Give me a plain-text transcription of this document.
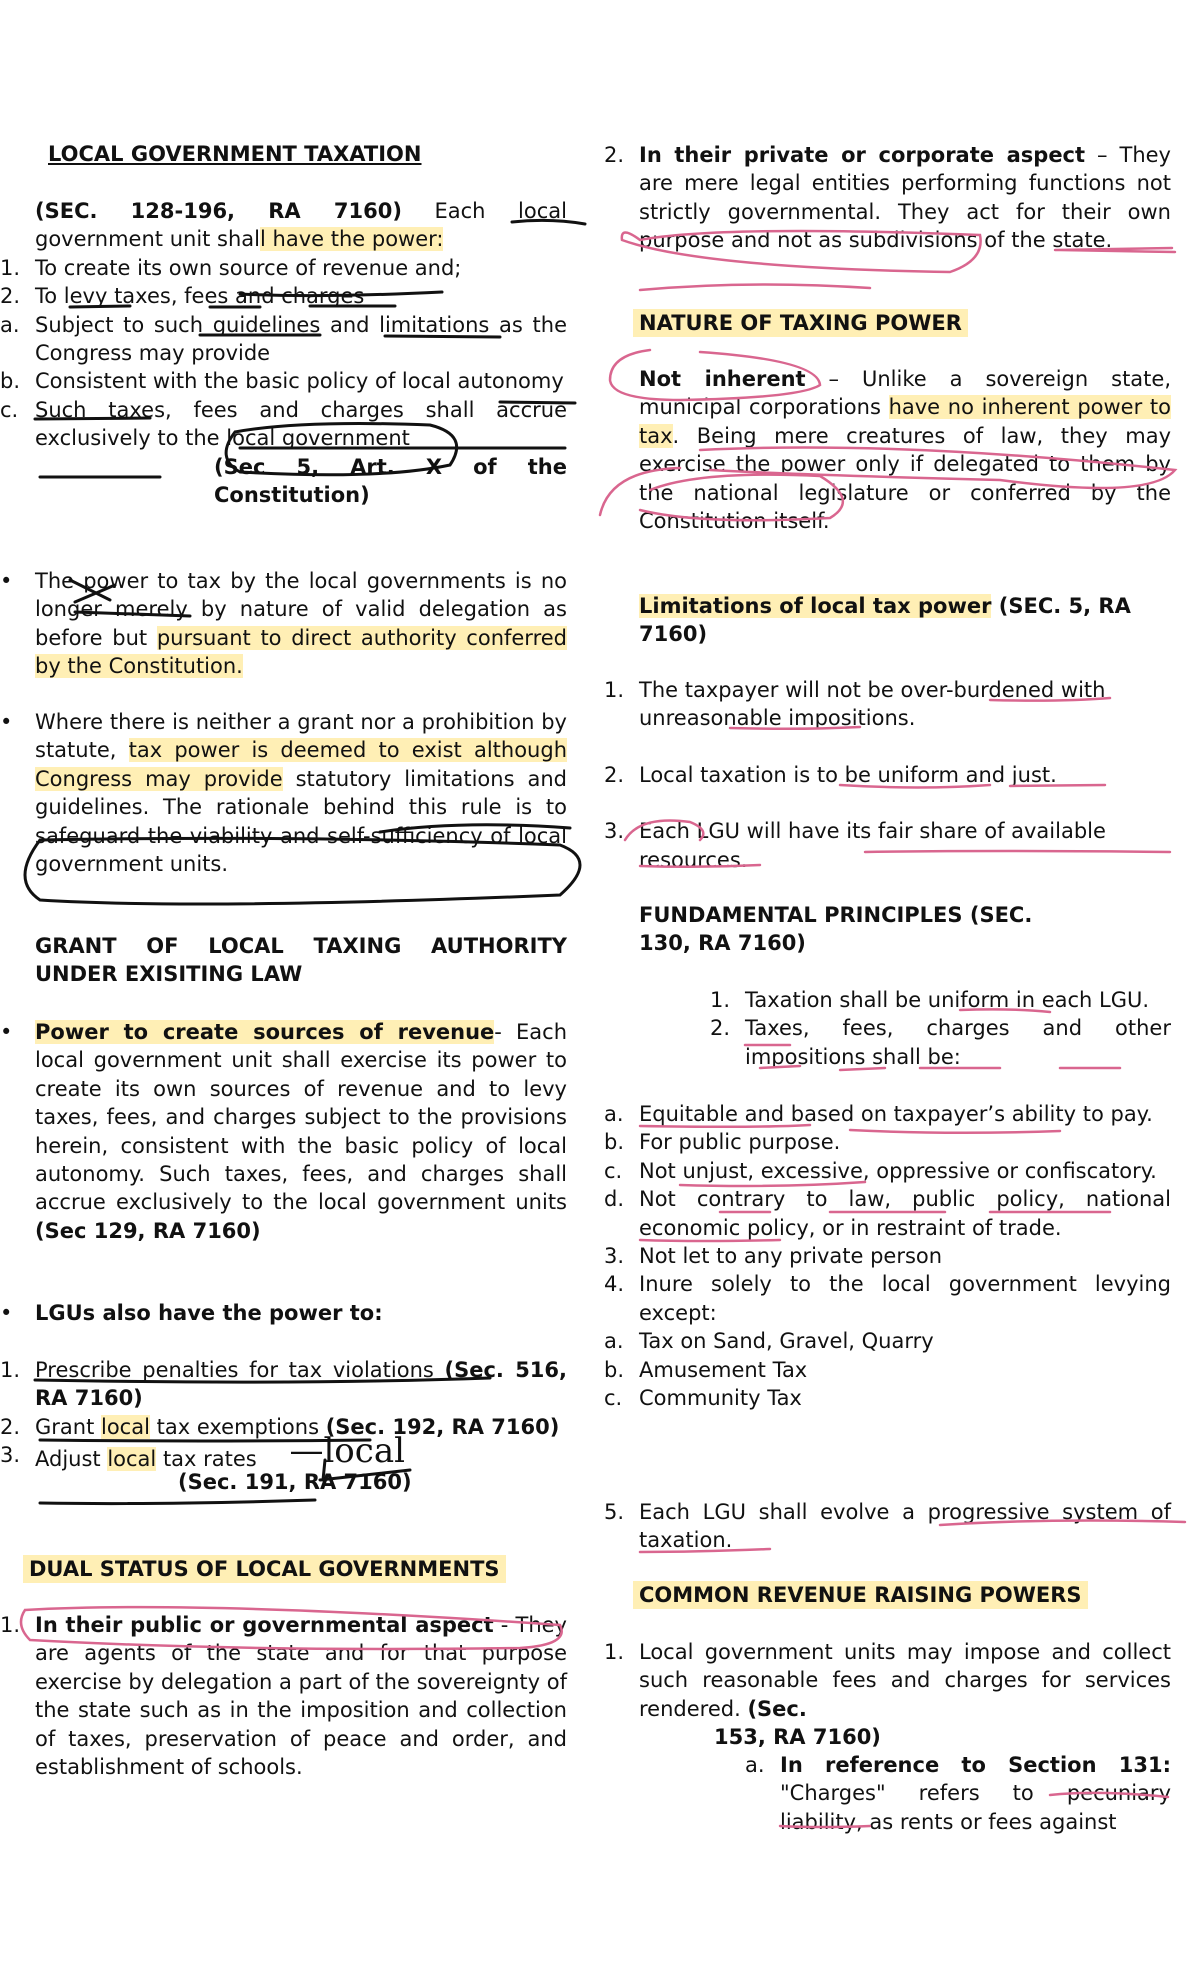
LOCAL GOVERNMENT TAXATION
(SEC. 128-196, RA 7160) Each local government unit shall have the power:
1. To create its own source of revenue and;
2. To levy taxes, fees and charges
a. Subject to such guidelines and limitations as the Congress may provide
b. Consistent with the basic policy of local autonomy
c. Such taxes, fees and charges shall accrue exclusively to the local government
(Sec 5, Art. X of the Constitution)
• The power to tax by the local governments is no longer merely by nature of valid delegation as before but pursuant to direct authority conferred by the Constitution.
• Where there is neither a grant nor a prohibition by statute, tax power is deemed to exist although Congress may provide statutory limitations and guidelines. The rationale behind this rule is to safeguard the viability and self-sufficiency of local government units.
GRANT OF LOCAL TAXING AUTHORITY UNDER EXISITING LAW
• Power to create sources of revenue- Each local government unit shall exercise its power to create its own sources of revenue and to levy taxes, fees, and charges subject to the provisions herein, consistent with the basic policy of local autonomy. Such taxes, fees, and charges shall accrue exclusively to the local government units (Sec 129, RA 7160)
• LGUs also have the power to:
1. Prescribe penalties for tax violations (Sec. 516, RA 7160)
2. Grant local tax exemptions (Sec. 192, RA 7160)
3. Adjust local tax rates —local
(Sec. 191, RA 7160)
DUAL STATUS OF LOCAL GOVERNMENTS
1. In their public or governmental aspect - They are agents of the state and for that purpose exercise by delegation a part of the sovereignty of the state such as in the imposition and collection of taxes, preservation of peace and order, and establishment of schools.
2. In their private or corporate aspect – They are mere legal entities performing functions not strictly governmental. They act for their own purpose and not as subdivisions of the state.
NATURE OF TAXING POWER
Not inherent – Unlike a sovereign state, municipal corporations have no inherent power to tax. Being mere creatures of law, they may exercise the power only if delegated to them by the national legislature or conferred by the Constitution itself.
Limitations of local tax power (SEC. 5, RA 7160)
1. The taxpayer will not be over-burdened with unreasonable impositions.
2. Local taxation is to be uniform and just.
3. Each LGU will have its fair share of available resources.
FUNDAMENTAL PRINCIPLES (SEC. 130, RA 7160)
1. Taxation shall be uniform in each LGU.
2. Taxes, fees, charges and other impositions shall be:
a. Equitable and based on taxpayer’s ability to pay.
b. For public purpose.
c. Not unjust, excessive, oppressive or confiscatory.
d. Not contrary to law, public policy, national economic policy, or in restraint of trade.
3. Not let to any private person
4. Inure solely to the local government levying except:
a. Tax on Sand, Gravel, Quarry
b. Amusement Tax
c. Community Tax
5. Each LGU shall evolve a progressive system of taxation.
COMMON REVENUE RAISING POWERS
1. Local government units may impose and collect such reasonable fees and charges for services rendered. (Sec.
153, RA 7160)
a. In reference to Section 131: "Charges" refers to pecuniary liability, as rents or fees against
